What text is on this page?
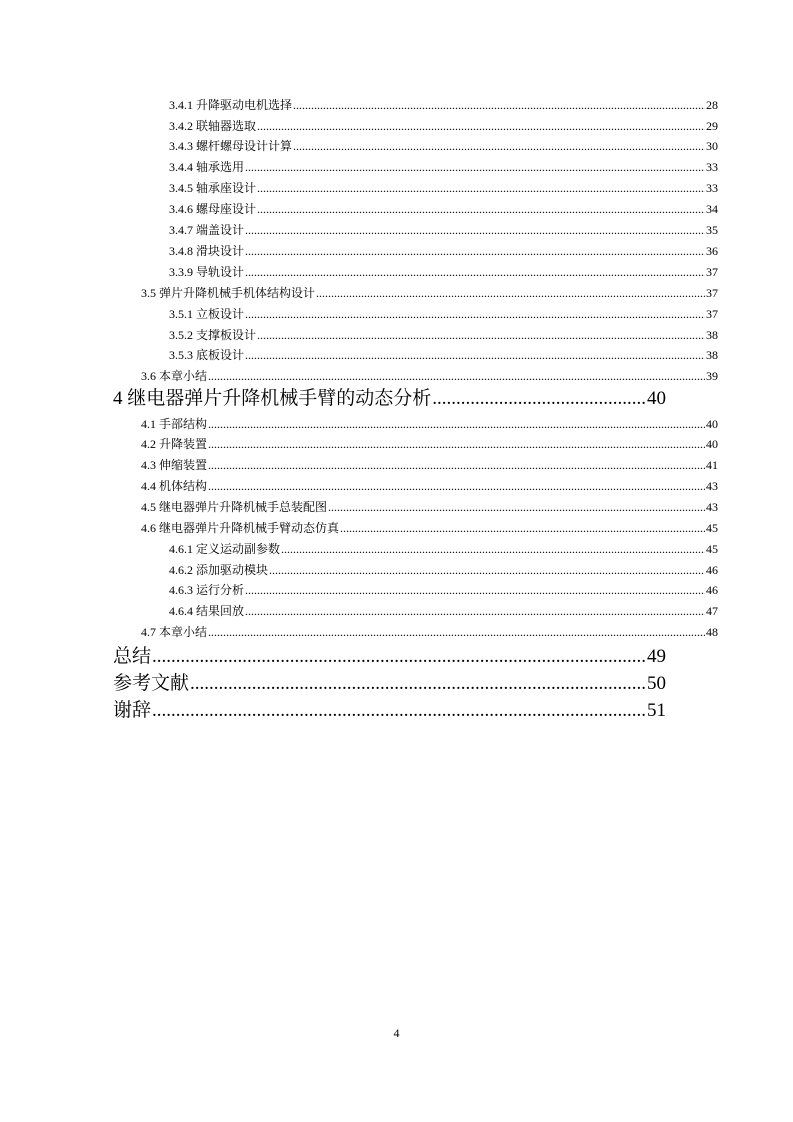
3.4.1 升降驱动电机选择 .....	28
3.4.2 联轴器选取 .....	29
3.4.3 螺杆螺母设计计算 .....	30
3.4.4 轴承选用 .....	33
3.4.5 轴承座设计 .....	33
3.4.6 螺母座设计 .....	34
3.4.7 端盖设计 .....	35
3.4.8 滑块设计 .....	36
3.3.9 导轨设计 .....	37
3.5 弹片升降机械手机体结构设计 .....	37
3.5.1 立板设计 .....	37
3.5.2 支撑板设计 .....	38
3.5.3 底板设计 .....	38
3.6 本章小结 .....	39
4 继电器弹片升降机械手臂的动态分析 .....	40
4.1 手部结构 .....	40
4.2 升降装置 .....	40
4.3 伸缩装置 .....	41
4.4 机体结构 .....	43
4.5 继电器弹片升降机械手总装配图 .....	43
4.6 继电器弹片升降机械手臂动态仿真 .....	45
4.6.1 定义运动副参数 .....	45
4.6.2 添加驱动模块 .....	46
4.6.3 运行分析 .....	46
4.6.4 结果回放 .....	47
4.7 本章小结 .....	48
总结 .....	49
参考文献 .....	50
谢辞 .....	51
4
